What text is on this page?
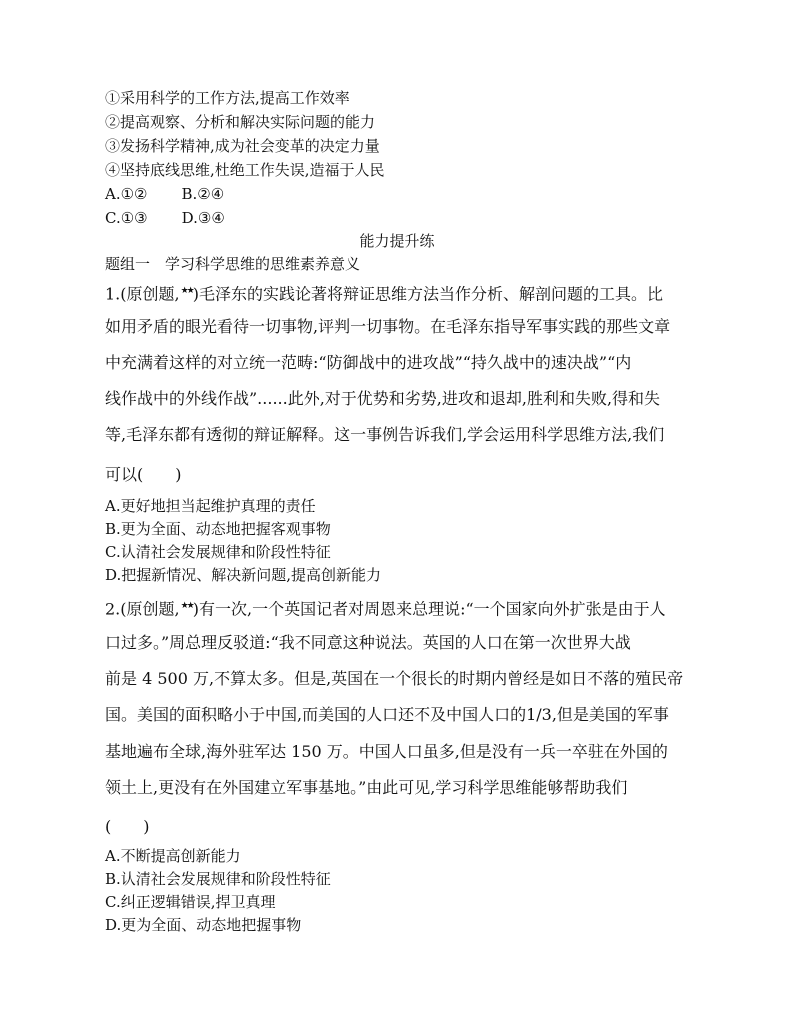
①采用科学的工作方法,提高工作效率
②提高观察、分析和解决实际问题的能力
③发扬科学精神,成为社会变革的决定力量
④坚持底线思维,杜绝工作失误,造福于人民
A.①② B.②④
C.①③ D.③④
能力提升练
题组一　学习科学思维的思维素养意义
1.(原创题,★★)毛泽东的实践论著将辩证思维方法当作分析、解剖问题的工具。比
如用矛盾的眼光看待一切事物,评判一切事物。在毛泽东指导军事实践的那些文章
中充满着这样的对立统一范畴:“防御战中的进攻战”“持久战中的速决战”“内
线作战中的外线作战”......此外,对于优势和劣势,进攻和退却,胜利和失败,得和失
等,毛泽东都有透彻的辩证解释。这一事例告诉我们,学会运用科学思维方法,我们
可以(　　)
A.更好地担当起维护真理的责任
B.更为全面、动态地把握客观事物
C.认清社会发展规律和阶段性特征
D.把握新情况、解决新问题,提高创新能力
2.(原创题,★★)有一次,一个英国记者对周恩来总理说:“一个国家向外扩张是由于人
口过多。”周总理反驳道:“我不同意这种说法。英国的人口在第一次世界大战
前是 4 500 万,不算太多。但是,英国在一个很长的时期内曾经是如日不落的殖民帝
国。美国的面积略小于中国,而美国的人口还不及中国人口的1/3,但是美国的军事
基地遍布全球,海外驻军达 150 万。中国人口虽多,但是没有一兵一卒驻在外国的
领土上,更没有在外国建立军事基地。”由此可见,学习科学思维能够帮助我们
(　　)
A.不断提高创新能力
B.认清社会发展规律和阶段性特征
C.纠正逻辑错误,捍卫真理
D.更为全面、动态地把握事物
